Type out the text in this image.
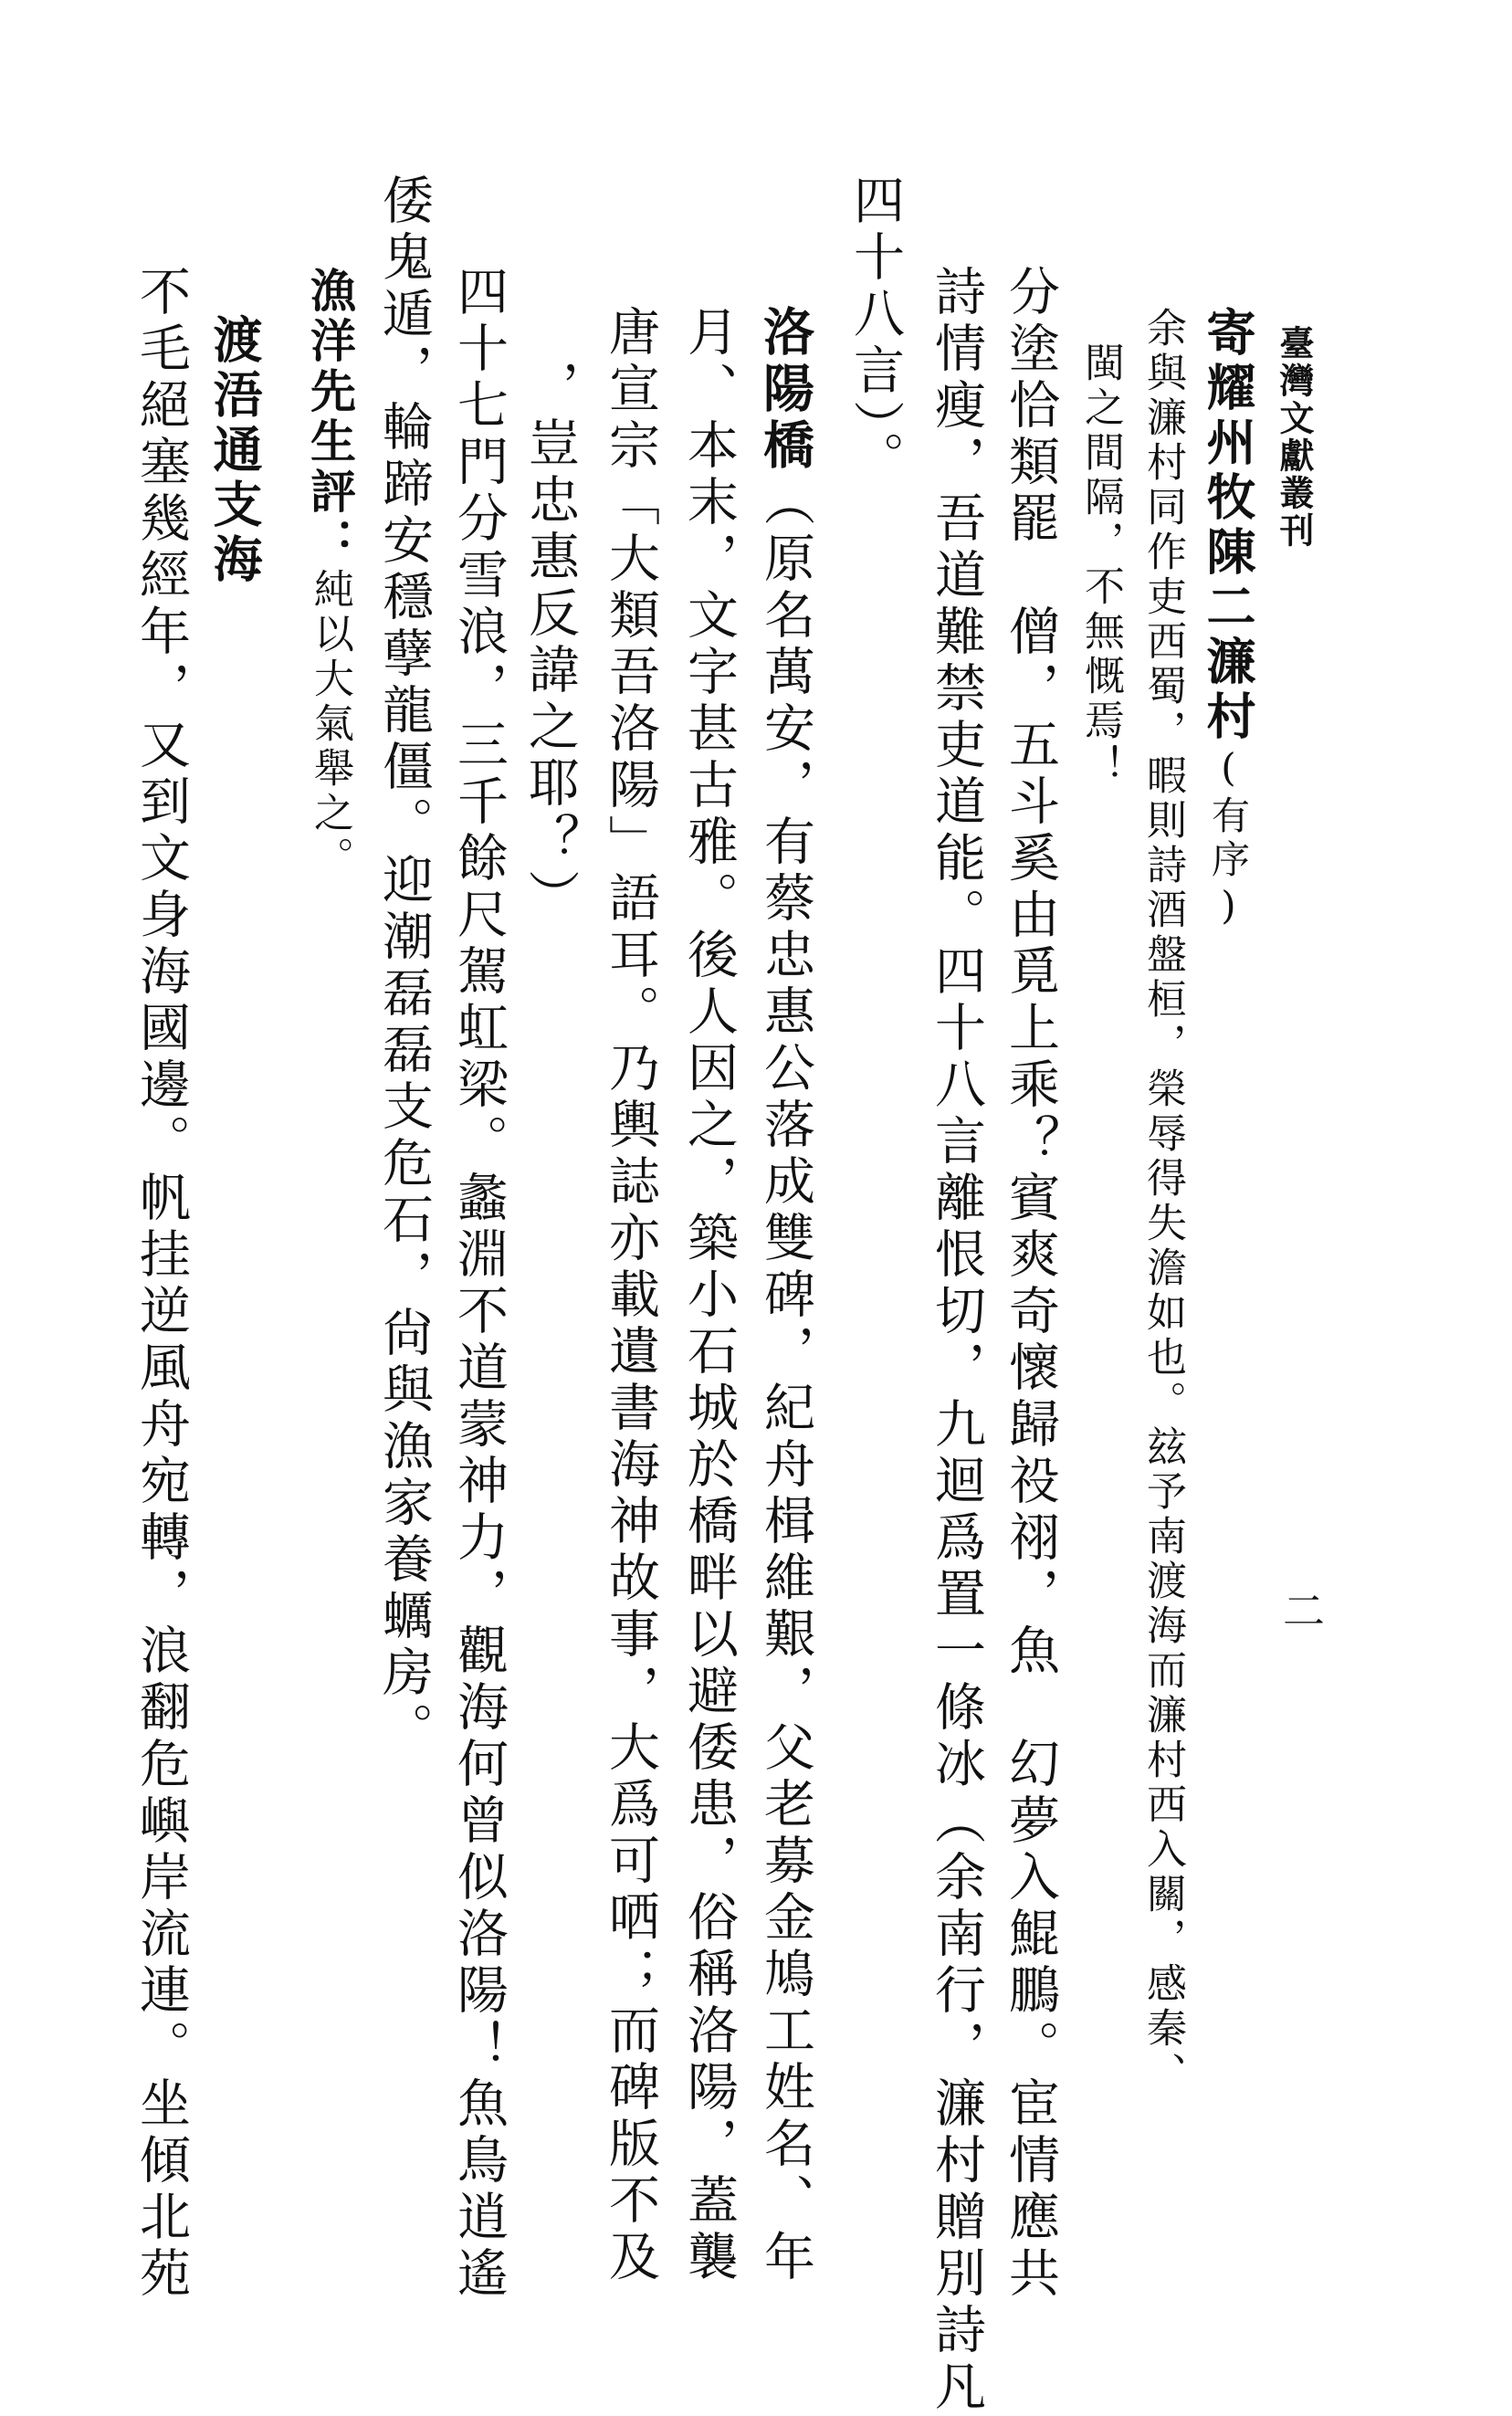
臺灣文獻叢刊
二
寄耀州牧陳二濂村(有序)
余與濂村同作吏西蜀，暇則詩酒盤桓，榮辱得失澹如也。玆予南渡海而濂村西入關，感秦、
閩之間隔，不無慨焉！
分塗恰類罷　僧，五斗奚由覓上乘？賓爽奇懷歸祋祤，魚　幻夢入鯤鵬。宦情應共
詩情瘦，吾道難禁吏道能。四十八言離恨切，九迴爲置一條冰（余南行，濂村贈別詩凡
四十八言）。
洛陽橋（原名萬安，有蔡忠惠公落成雙碑，紀舟楫維艱，父老募金鳩工姓名、年
月、本末，文字甚古雅。後人因之，築小石城於橋畔以避倭患，俗稱洛陽，蓋襲
唐宣宗「大類吾洛陽」語耳。乃輿誌亦載遺書海神故事，大爲可哂；而碑版不及
，豈忠惠反諱之耶？）
四十七門分雪浪，三千餘尺駕虹梁。蠡淵不道蒙神力，觀海何曾似洛陽！魚鳥逍遙
倭鬼遁，輪蹄安穩孽龍僵。迎潮磊磊支危石，尙與漁家養蠣房。
漁洋先生評：純以大氣舉之。
渡浯通支海
不毛絕塞幾經年，又到文身海國邊。帆挂逆風舟宛轉，浪翻危嶼岸流連。坐傾北苑
